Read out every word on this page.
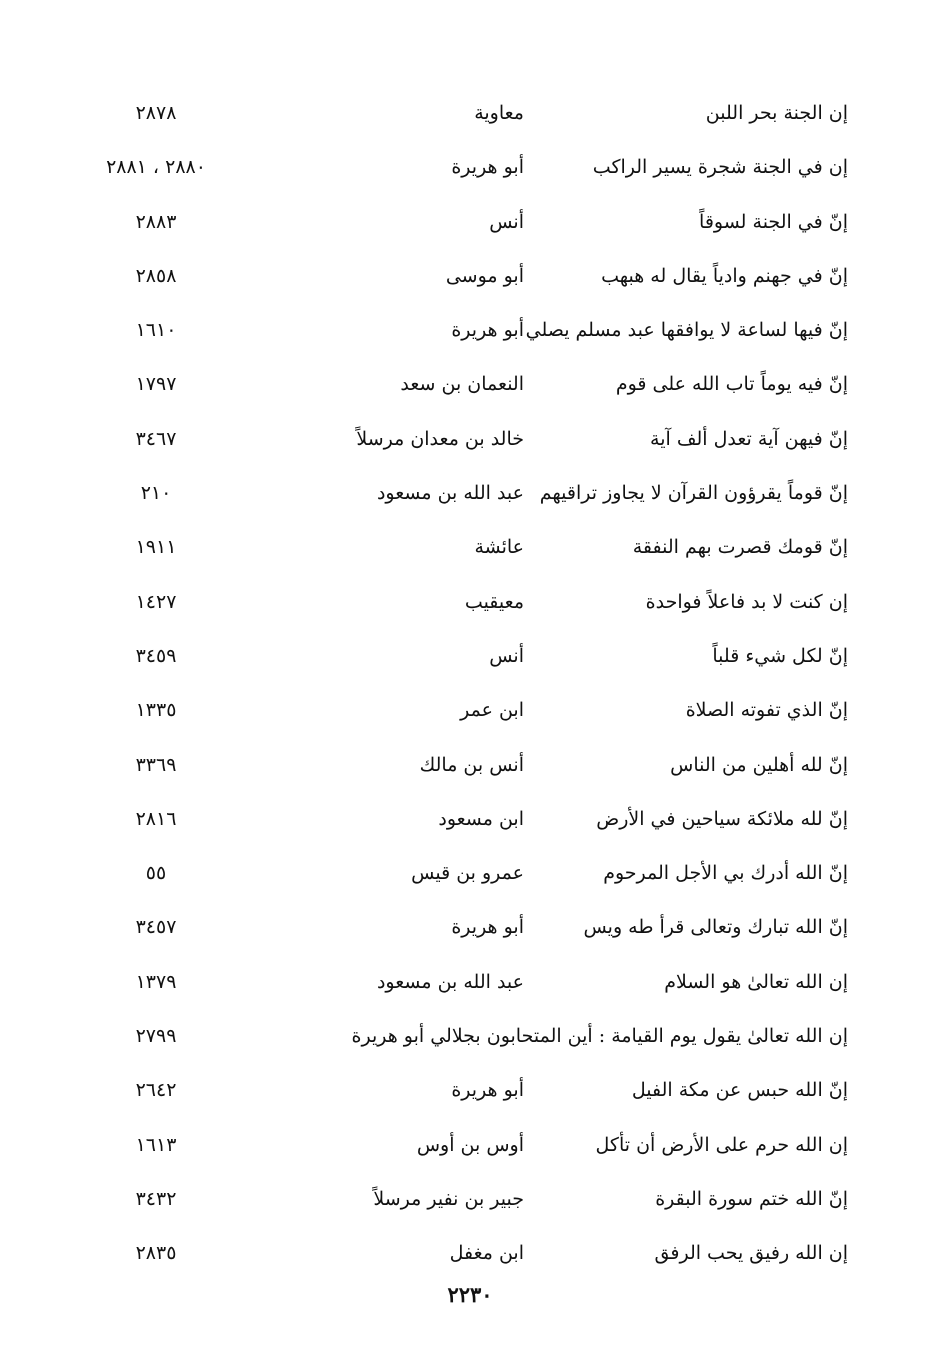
إن الجنة بحر اللبن
معاوية
٢٨٧٨
إن في الجنة شجرة يسير الراكب
أبو هريرة
٢٨٨٠ ، ٢٨٨١
إنّ في الجنة لسوقاً
أنس
٢٨٨٣
إنّ في جهنم وادياً يقال له هبهب
أبو موسى
٢٨٥٨
إنّ فيها لساعة لا يوافقها عبد مسلم يصلي
أبو هريرة
١٦١٠
إنّ فيه يوماً تاب الله على قوم
النعمان بن سعد
١٧٩٧
إنّ فيهن آية تعدل ألف آية
خالد بن معدان مرسلاً
٣٤٦٧
إنّ قوماً يقرؤون القرآن لا يجاوز تراقيهم
عبد الله بن مسعود
٢١٠
إنّ قومك قصرت بهم النفقة
عائشة
١٩١١
إن كنت لا بد فاعلاً فواحدة
معيقيب
١٤٢٧
إنّ لكل شيء قلباً
أنس
٣٤٥٩
إنّ الذي تفوته الصلاة
ابن عمر
١٣٣٥
إنّ لله أهلين من الناس
أنس بن مالك
٣٣٦٩
إنّ لله ملائكة سياحين في الأرض
ابن مسعود
٢٨١٦
إنّ الله أدرك بي الأجل المرحوم
عمرو بن قيس
٥٥
إنّ الله تبارك وتعالى قرأ طه ويس
أبو هريرة
٣٤٥٧
إن الله تعالىٰ هو السلام
عبد الله بن مسعود
١٣٧٩
إن الله تعالىٰ يقول يوم القيامة : أين المتحابون بجلالي أبو هريرة
٢٧٩٩
إنّ الله حبس عن مكة الفيل
أبو هريرة
٢٦٤٢
إن الله حرم على الأرض أن تأكل
أوس بن أوس
١٦١٣
إنّ الله ختم سورة البقرة
جبير بن نفير مرسلاً
٣٤٣٢
إن الله رفيق يحب الرفق
ابن مغفل
٢٨٣٥
٢٢٣٠
